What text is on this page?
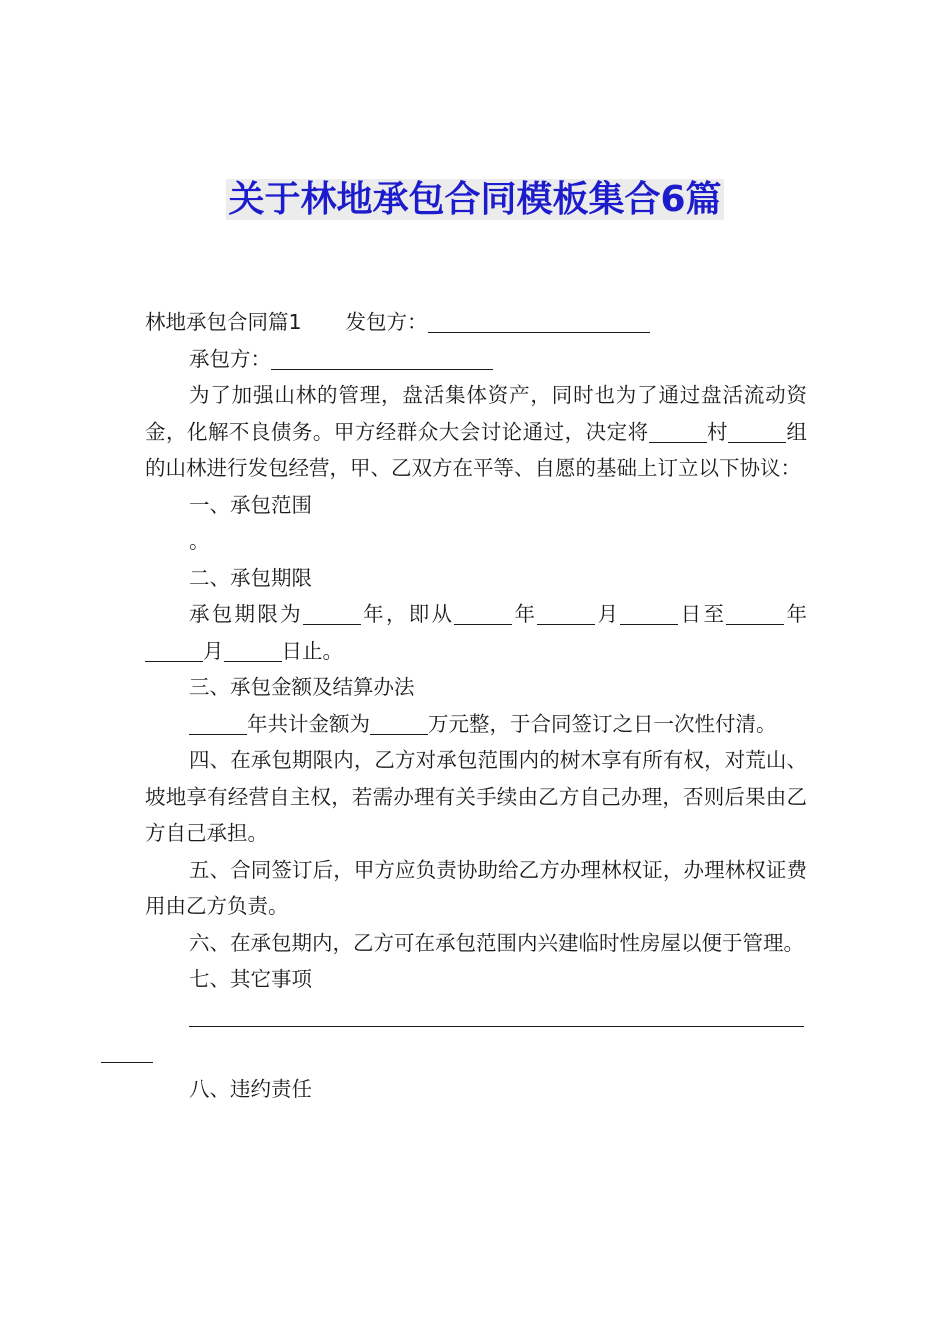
关于林地承包合同模板集合6篇

林地承包合同篇1 发包方：

承包方：

为了加强山林的管理，盘活集体资产，同时也为了通过盘活流动资金，化解不良债务。甲方经群众大会讨论通过，决定将	村	组的山林进行发包经营，甲、乙双方在平等、自愿的基础上订立以下协议：

一、承包范围

。

二、承包期限

承包期限为	年，即从	年	月	日至	年月	日止。

三、承包金额及结算办法

年共计金额为	万元整，于合同签订之日一次性付清。

四、在承包期限内，乙方对承包范围内的树木享有所有权，对荒山、坡地享有经营自主权，若需办理有关手续由乙方自己办理，否则后果由乙方自己承担。

五、合同签订后，甲方应负责协助给乙方办理林权证，办理林权证费用由乙方负责。

六、在承包期内，乙方可在承包范围内兴建临时性房屋以便于管理。

七、其它事项

八、违约责任
